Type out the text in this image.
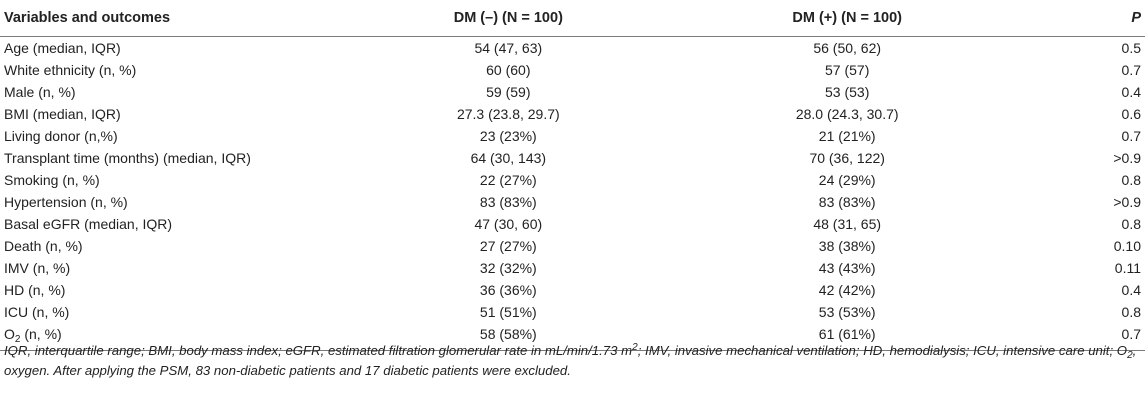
Variables and outcomes	DM (–) (N = 100)	DM (+) (N = 100)	P
Age (median, IQR)	54 (47, 63)	56 (50, 62)	0.5
White ethnicity (n, %)	60 (60)	57 (57)	0.7
Male (n, %)	59 (59)	53 (53)	0.4
BMI (median, IQR)	27.3 (23.8, 29.7)	28.0 (24.3, 30.7)	0.6
Living donor (n,%)	23 (23%)	21 (21%)	0.7
Transplant time (months) (median, IQR)	64 (30, 143)	70 (36, 122)	>0.9
Smoking (n, %)	22 (27%)	24 (29%)	0.8
Hypertension (n, %)	83 (83%)	83 (83%)	>0.9
Basal eGFR (median, IQR)	47 (30, 60)	48 (31, 65)	0.8
Death (n, %)	27 (27%)	38 (38%)	0.10
IMV (n, %)	32 (32%)	43 (43%)	0.11
HD (n, %)	36 (36%)	42 (42%)	0.4
ICU (n, %)	51 (51%)	53 (53%)	0.8
$O_2$ (n, %)	58 (58%)	61 (61%)	0.7
IQR, interquartile range; BMI, body mass index; eGFR, estimated filtration glomerular rate in mL/min/1.73 $m^2$; IMV, invasive mechanical ventilation; HD, hemodialysis; ICU, intensive care unit; $O_2$, oxygen. After applying the PSM, 83 non-diabetic patients and 17 diabetic patients were excluded.
